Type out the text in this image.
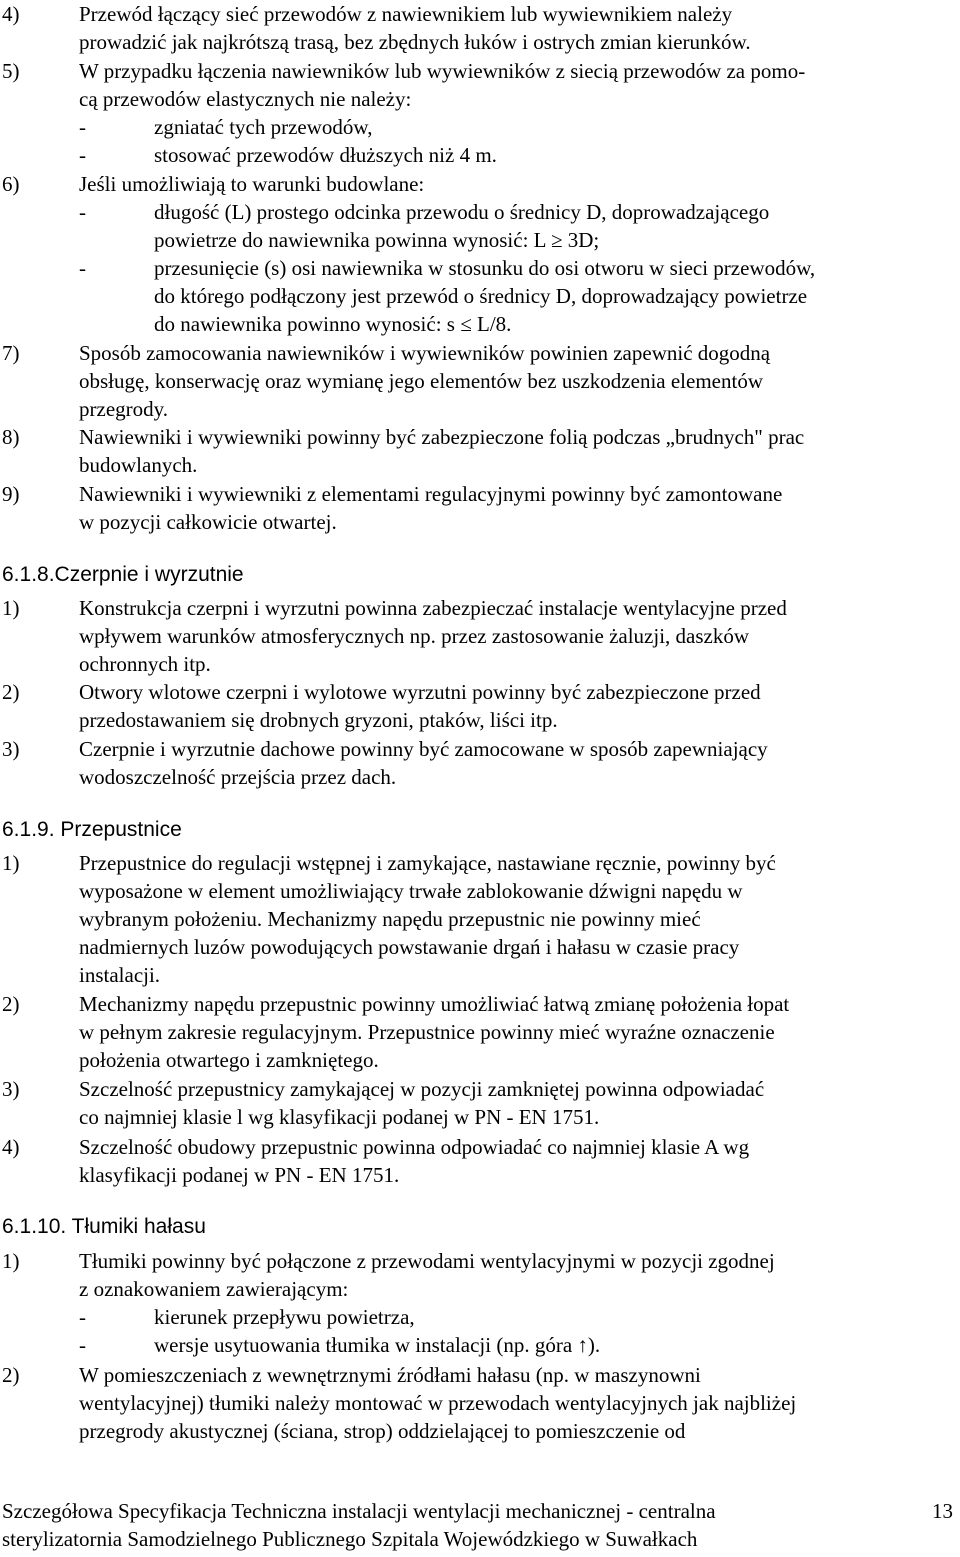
4)	Przewód łączący sieć przewodów z nawiewnikiem lub wywiewnikiem należy
prowadzić jak najkrótszą trasą, bez zbędnych łuków i ostrych zmian kierunków.
5)	W przypadku łączenia nawiewników lub wywiewników z siecią przewodów za pomo-
cą przewodów elastycznych nie należy:
-	zgniatać tych przewodów,
-	stosować przewodów dłuższych niż 4 m.
6)	Jeśli umożliwiają to warunki budowlane:
-	długość (L) prostego odcinka przewodu o średnicy D, doprowadzającego
powietrze do nawiewnika powinna wynosić: L ≥ 3D;
-	przesunięcie (s) osi nawiewnika w stosunku do osi otworu w sieci przewodów,
do którego podłączony jest przewód o średnicy D, doprowadzający powietrze
do nawiewnika powinno wynosić: s ≤ L/8.
7)	Sposób zamocowania nawiewników i wywiewników powinien zapewnić dogodną
obsługę, konserwację oraz wymianę jego elementów bez uszkodzenia elementów
przegrody.
8)	Nawiewniki i wywiewniki powinny być zabezpieczone folią podczas „brudnych" prac
budowlanych.
9)	Nawiewniki i wywiewniki z elementami regulacyjnymi powinny być zamontowane
w pozycji całkowicie otwartej.
6.1.8.Czerpnie i wyrzutnie
1)	Konstrukcja czerpni i wyrzutni powinna zabezpieczać instalacje wentylacyjne przed
wpływem warunków atmosferycznych np. przez zastosowanie żaluzji, daszków
ochronnych itp.
2)	Otwory wlotowe czerpni i wylotowe wyrzutni powinny być zabezpieczone przed
przedostawaniem się drobnych gryzoni, ptaków, liści itp.
3)	Czerpnie i wyrzutnie dachowe powinny być zamocowane w sposób zapewniający
wodoszczelność przejścia przez dach.
6.1.9. Przepustnice
1)	Przepustnice do regulacji wstępnej i zamykające, nastawiane ręcznie, powinny być
wyposażone w element umożliwiający trwałe zablokowanie dźwigni napędu w
wybranym położeniu. Mechanizmy napędu przepustnic nie powinny mieć
nadmiernych luzów powodujących powstawanie drgań i hałasu w czasie pracy
instalacji.
2)	Mechanizmy napędu przepustnic powinny umożliwiać łatwą zmianę położenia łopat
w pełnym zakresie regulacyjnym. Przepustnice powinny mieć wyraźne oznaczenie
położenia otwartego i zamkniętego.
3)	Szczelność przepustnicy zamykającej w pozycji zamkniętej powinna odpowiadać
co najmniej klasie l wg klasyfikacji podanej w PN - EN 1751.
4)	Szczelność obudowy przepustnic powinna odpowiadać co najmniej klasie A wg
klasyfikacji podanej w PN - EN 1751.
6.1.10. Tłumiki hałasu
1)	Tłumiki powinny być połączone z przewodami wentylacyjnymi w pozycji zgodnej
z oznakowaniem zawierającym:
-	kierunek przepływu powietrza,
-	wersje usytuowania tłumika w instalacji (np. góra ↑).
2)	W pomieszczeniach z wewnętrznymi źródłami hałasu (np. w maszynowni
wentylacyjnej) tłumiki należy montować w przewodach wentylacyjnych jak najbliżej
przegrody akustycznej (ściana, strop) oddzielającej to pomieszczenie od
Szczegółowa Specyfikacja Techniczna instalacji wentylacji mechanicznej - centralna
sterylizatornia Samodzielnego Publicznego Szpitala Wojewódzkiego w Suwałkach
13
